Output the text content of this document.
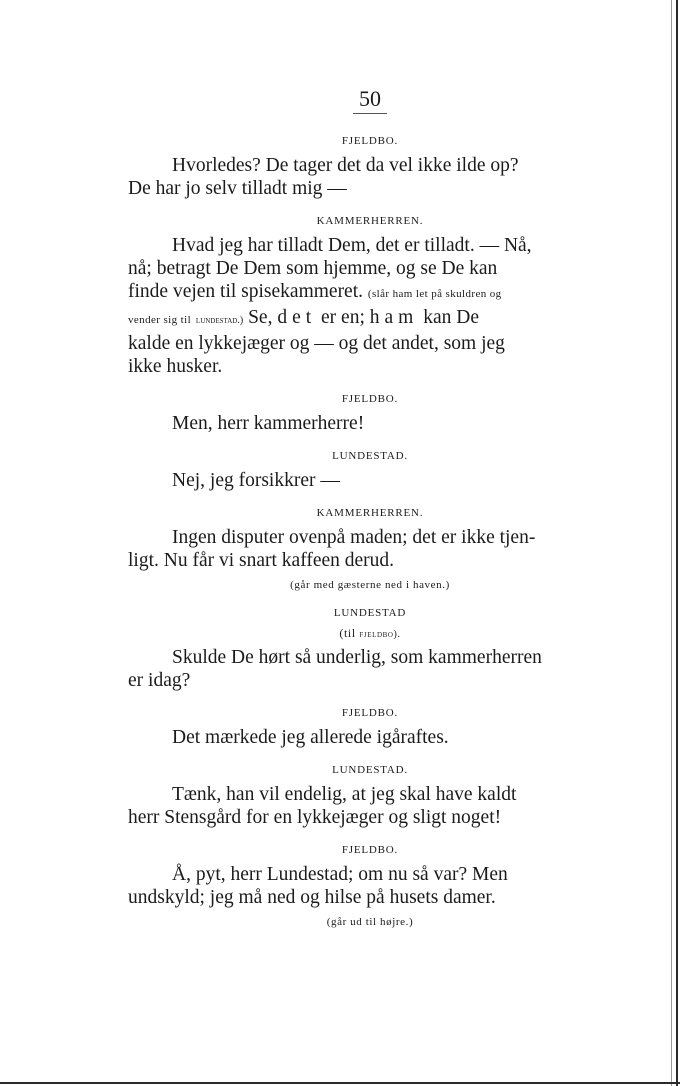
50
FJELDBO.

Hvorledes? De tager det da vel ikke ilde op?

De har jo selv tilladt mig —

KAMMERHERREN.

Hvad jeg har tilladt Dem, det er tilladt. — Nå,

nå; betragt De Dem som hjemme, og se De kan

finde vejen til spisekammeret. (slår ham let på skuldren og

vender sig til lundestad.) Se, det er en; ham kan De

kalde en lykkejæger og — og det andet, som jeg

ikke husker.

FJELDBO.

Men, herr kammerherre!

LUNDESTAD.

Nej, jeg forsikkrer —

KAMMERHERREN.

Ingen disputer ovenpå maden; det er ikke tjen-

ligt. Nu får vi snart kaffeen derud.

(går med gæsterne ned i haven.)
LUNDESTAD
(til fjeldbo).

Skulde De hørt så underlig, som kammerherren

er idag?

FJELDBO.

Det mærkede jeg allerede igåraftes.

LUNDESTAD.

Tænk, han vil endelig, at jeg skal have kaldt

herr Stensgård for en lykkejæger og sligt noget!

FJELDBO.

Å, pyt, herr Lundestad; om nu så var? Men

undskyld; jeg må ned og hilse på husets damer.

(går ud til højre.)
